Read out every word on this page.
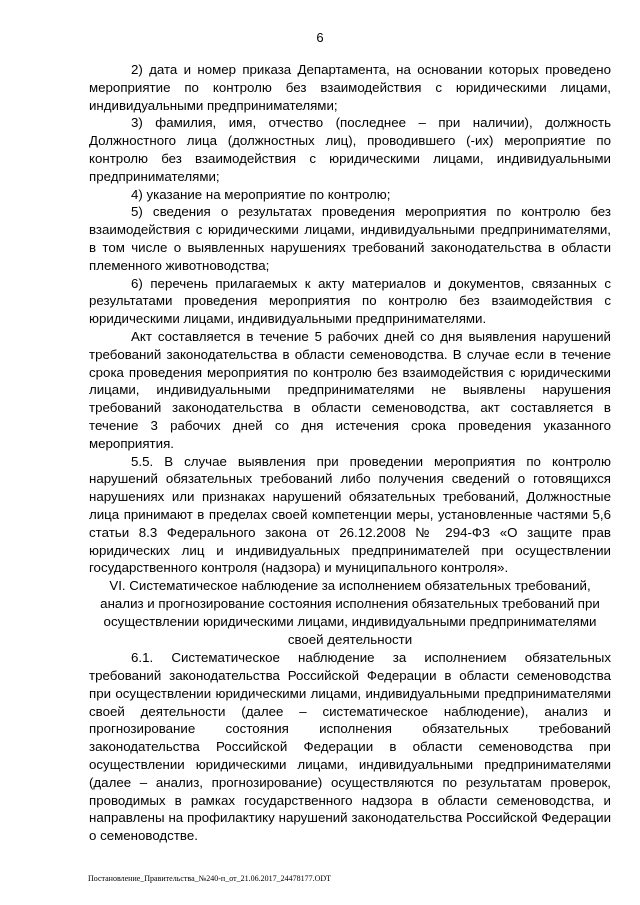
6

2) дата и номер приказа Департамента, на основании которых проведено мероприятие по контролю без взаимодействия с юридическими лицами, индивидуальными предпринимателями;

3) фамилия, имя, отчество (последнее – при наличии), должность Должностного лица (должностных лиц), проводившего (-их) мероприятие по контролю без взаимодействия с юридическими лицами, индивидуальными предпринимателями;

4) указание на мероприятие по контролю;

5) сведения о результатах проведения мероприятия по контролю без взаимодействия с юридическими лицами, индивидуальными предпринимателями, в том числе о выявленных нарушениях требований законодательства в области племенного животноводства;

6) перечень прилагаемых к акту материалов и документов, связанных с результатами проведения мероприятия по контролю без взаимодействия с юридическими лицами, индивидуальными предпринимателями.

Акт составляется в течение 5 рабочих дней со дня выявления нарушений требований законодательства в области семеноводства. В случае если в течение срока проведения мероприятия по контролю без взаимодействия с юридическими лицами, индивидуальными предпринимателями не выявлены нарушения требований законодательства в области семеноводства, акт составляется в течение 3 рабочих дней со дня истечения срока проведения указанного мероприятия.

5.5. В случае выявления при проведении мероприятия по контролю нарушений обязательных требований либо получения сведений о готовящихся нарушениях или признаках нарушений обязательных требований, Должностные лица принимают в пределах своей компетенции меры, установленные частями 5,6 статьи 8.3 Федерального закона от 26.12.2008 № 294-ФЗ «О защите прав юридических лиц и индивидуальных предпринимателей при осуществлении государственного контроля (надзора) и муниципального контроля».

VI. Систематическое наблюдение за исполнением обязательных требований, анализ и прогнозирование состояния исполнения обязательных требований при осуществлении юридическими лицами, индивидуальными предпринимателями своей деятельности

6.1. Систематическое наблюдение за исполнением обязательных требований законодательства Российской Федерации в области семеноводства при осуществлении юридическими лицами, индивидуальными предпринимателями своей деятельности (далее – систематическое наблюдение), анализ и прогнозирование состояния исполнения обязательных требований законодательства Российской Федерации в области семеноводства при осуществлении юридическими лицами, индивидуальными предпринимателями (далее – анализ, прогнозирование) осуществляются по результатам проверок, проводимых в рамках государственного надзора в области семеноводства, и направлены на профилактику нарушений законодательства Российской Федерации о семеноводстве.

Постановление_Правительства_№240-п_от_21.06.2017_24478177.ODT
